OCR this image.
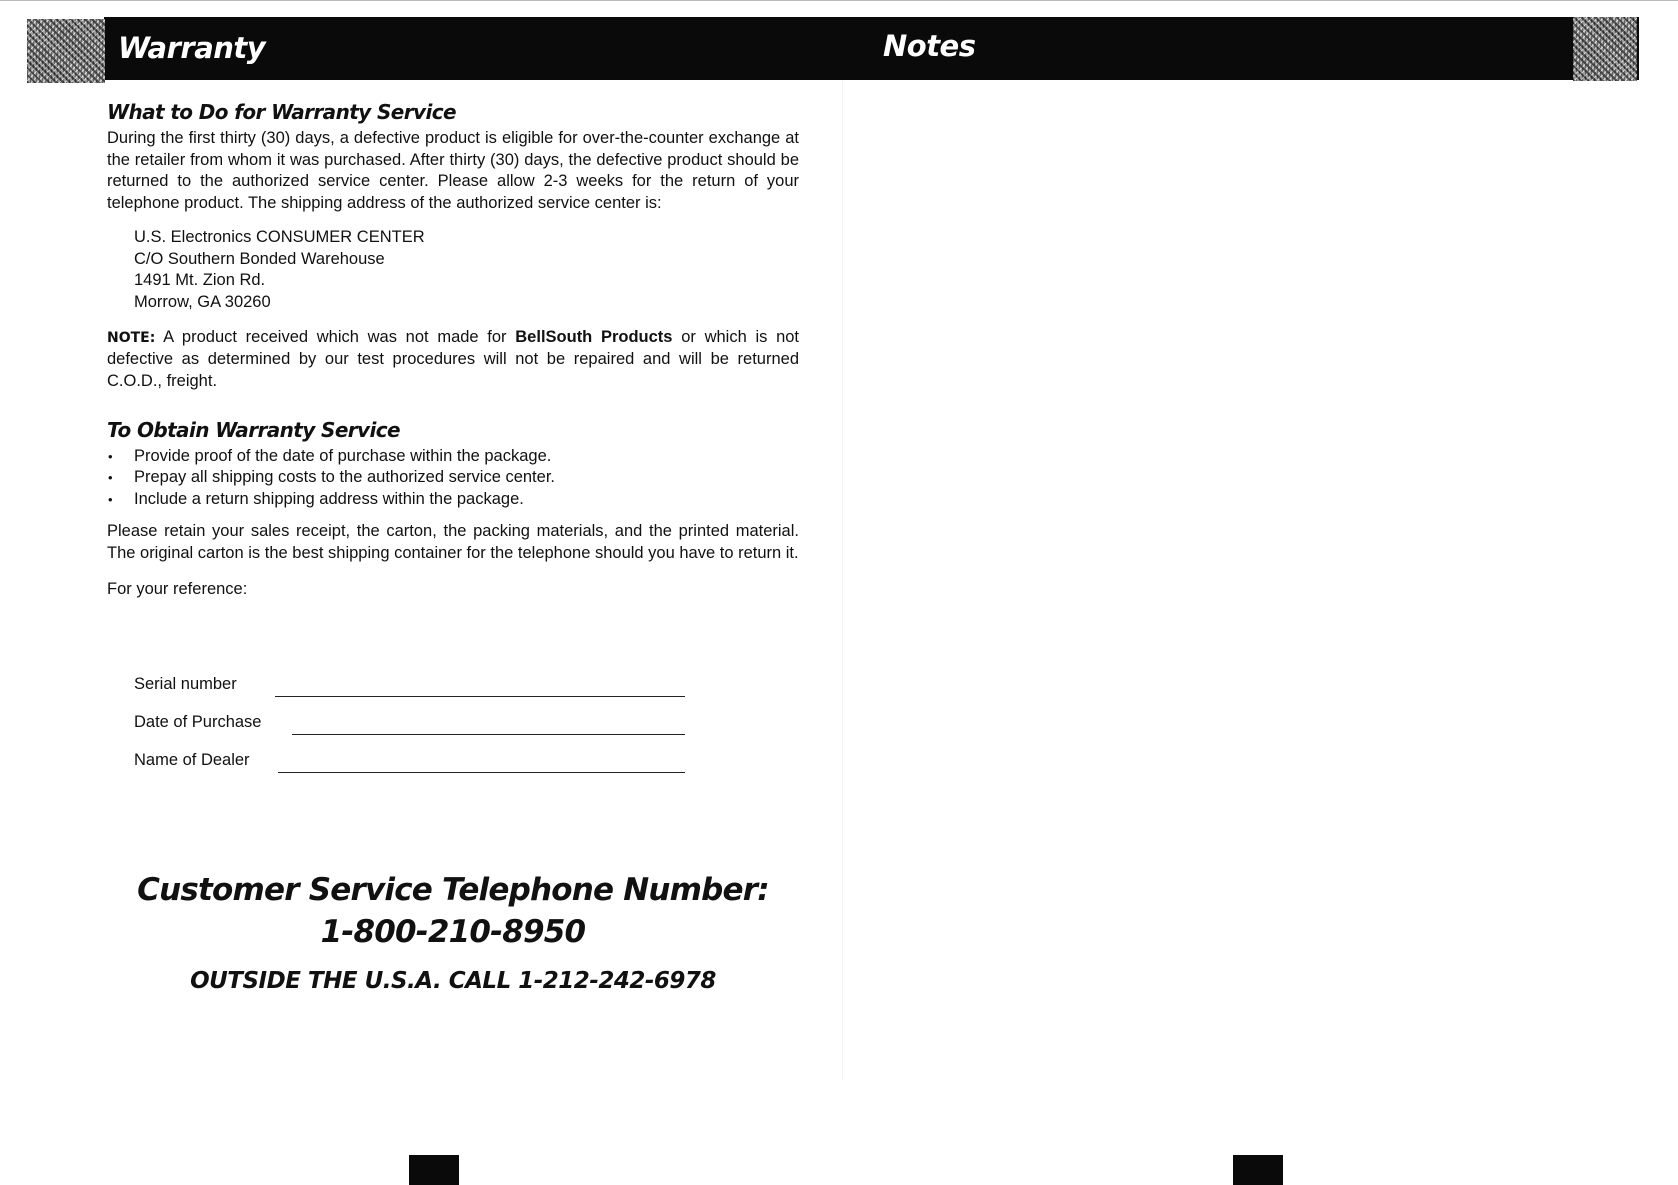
Warranty	Notes
What to Do for Warranty Service

During the first thirty (30) days, a defective product is eligible for over-the-counter exchange at the retailer from whom it was purchased. After thirty (30) days, the defective product should be returned to the authorized service center. Please allow 2-3 weeks for the return of your telephone product. The shipping address of the authorized service center is:

U.S. Electronics CONSUMER CENTER
C/O Southern Bonded Warehouse
1491 Mt. Zion Rd.
Morrow, GA 30260

NOTE: A product received which was not made for BellSouth Products or which is not defective as determined by our test procedures will not be repaired and will be returned C.O.D., freight.

To Obtain Warranty Service
• Provide proof of the date of purchase within the package.
• Prepay all shipping costs to the authorized service center.
• Include a return shipping address within the package.

Please retain your sales receipt, the carton, the packing materials, and the printed material. The original carton is the best shipping container for the telephone should you have to return it.

For your reference:

Serial number
Date of Purchase
Name of Dealer
Customer Service Telephone Number:
1-800-210-8950
OUTSIDE THE U.S.A. CALL 1-212-242-6978
